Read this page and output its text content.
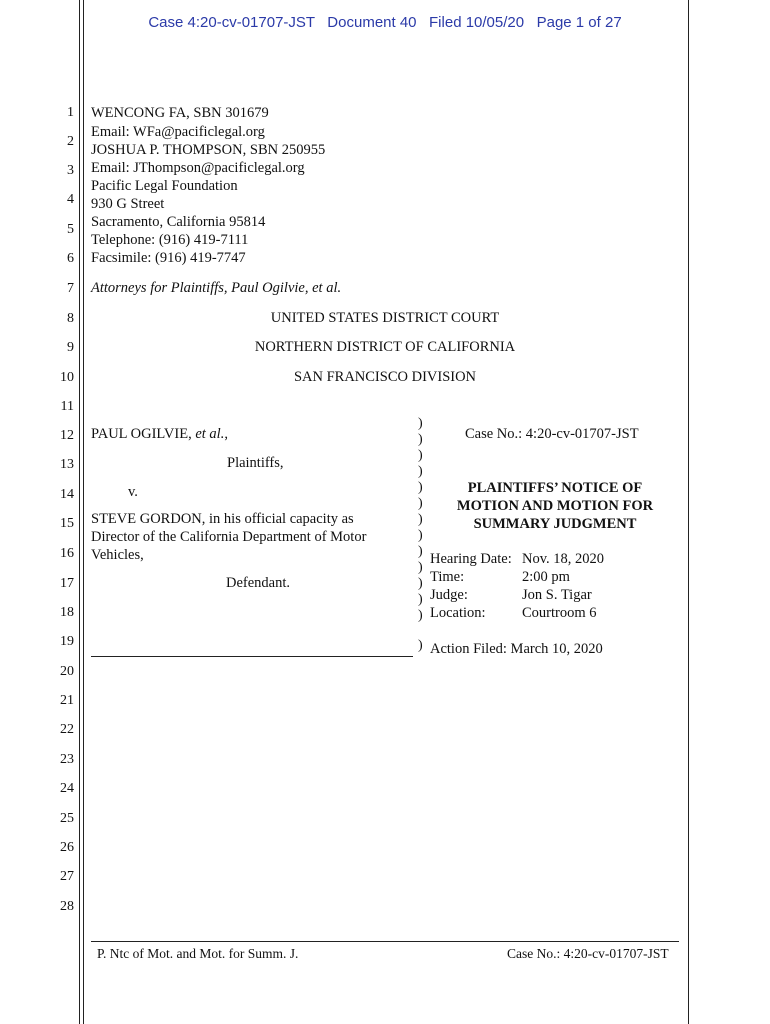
Case 4:20-cv-01707-JST   Document 40   Filed 10/05/20   Page 1 of 27
1
2
3
4
5
6
7
8
9
10
11
12
13
14
15
16
17
18
19
20
21
22
23
24
25
26
27
28
WENCONG FA, SBN 301679
Email: WFa@pacificlegal.org
JOSHUA P. THOMPSON, SBN 250955
Email: JThompson@pacificlegal.org
Pacific Legal Foundation
930 G Street
Sacramento, California 95814
Telephone: (916) 419-7111
Facsimile: (916) 419-7747
Attorneys for Plaintiffs, Paul Ogilvie, et al.
UNITED STATES DISTRICT COURT
NORTHERN DISTRICT OF CALIFORNIA
SAN FRANCISCO DIVISION
PAUL OGILVIE, et al.,
Plaintiffs,
v.
STEVE GORDON, in his official capacity as
Director of the California Department of Motor
Vehicles,
Defendant.
)
)
)
)
)
)
)
)
)
)
)
)
)
)
Case No.: 4:20-cv-01707-JST
PLAINTIFFS’ NOTICE OF
MOTION AND MOTION FOR
SUMMARY JUDGMENT
Hearing Date: Nov. 18, 2020
Time:	2:00 pm
Judge:	Jon S. Tigar
Location:	Courtroom 6
Action Filed: March 10, 2020
P. Ntc of Mot. and Mot. for Summ. J.	Case No.: 4:20-cv-01707-JST
